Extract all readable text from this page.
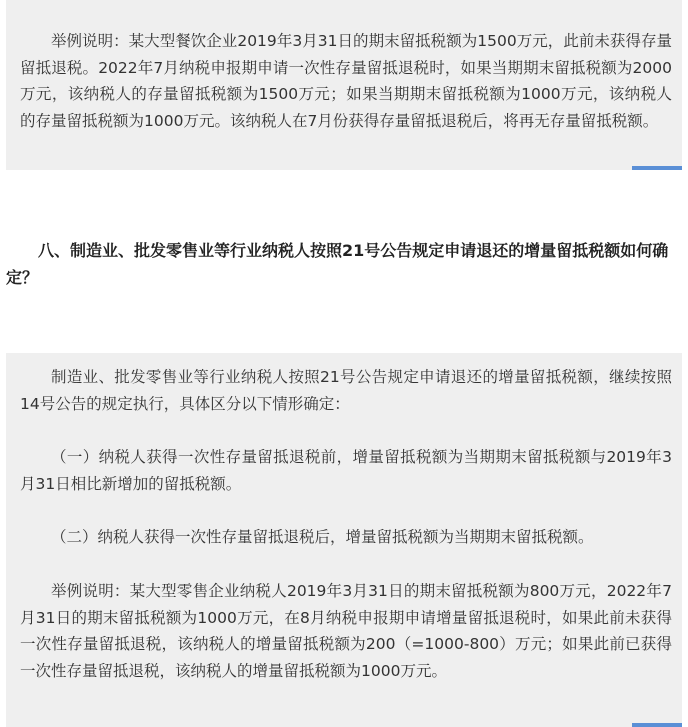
举例说明：某大型餐饮企业2019年3月31日的期末留抵税额为1500万元，此前未获得存量留抵退税。2022年7月纳税申报期申请一次性存量留抵退税时，如果当期期末留抵税额为2000万元，该纳税人的存量留抵税额为1500万元；如果当期期末留抵税额为1000万元，该纳税人的存量留抵税额为1000万元。该纳税人在7月份获得存量留抵退税后，将再无存量留抵税额。

八、制造业、批发零售业等行业纳税人按照21号公告规定申请退还的增量留抵税额如何确定？

制造业、批发零售业等行业纳税人按照21号公告规定申请退还的增量留抵税额，继续按照14号公告的规定执行，具体区分以下情形确定：

（一）纳税人获得一次性存量留抵退税前，增量留抵税额为当期期末留抵税额与2019年3月31日相比新增加的留抵税额。

（二）纳税人获得一次性存量留抵退税后，增量留抵税额为当期期末留抵税额。

举例说明：某大型零售企业纳税人2019年3月31日的期末留抵税额为800万元，2022年7月31日的期末留抵税额为1000万元，在8月纳税申报期申请增量留抵退税时，如果此前未获得一次性存量留抵退税，该纳税人的增量留抵税额为200（=1000-800）万元；如果此前已获得一次性存量留抵退税，该纳税人的增量留抵税额为1000万元。
